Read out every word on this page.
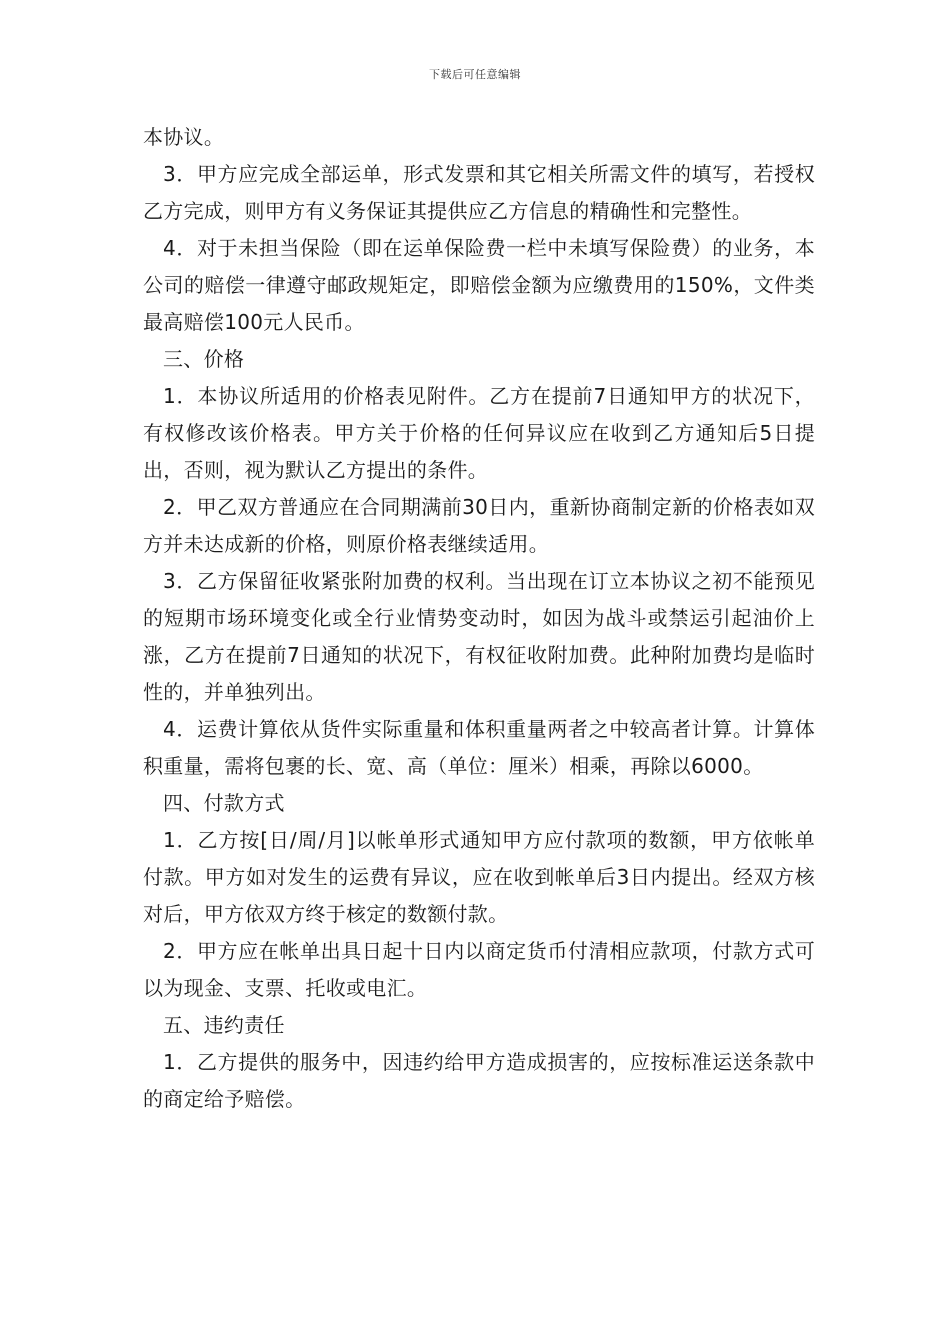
下载后可任意编辑

本协议。

3．甲方应完成全部运单，形式发票和其它相关所需文件的填写，若授权乙方完成，则甲方有义务保证其提供应乙方信息的精确性和完整性。

4．对于未担当保险（即在运单保险费一栏中未填写保险费）的业务，本公司的赔偿一律遵守邮政规矩定，即赔偿金额为应缴费用的150%，文件类最高赔偿100元人民币。

三、价格

1．本协议所适用的价格表见附件。乙方在提前7日通知甲方的状况下，有权修改该价格表。甲方关于价格的任何异议应在收到乙方通知后5日提出，否则，视为默认乙方提出的条件。

2．甲乙双方普通应在合同期满前30日内，重新协商制定新的价格表如双方并未达成新的价格，则原价格表继续适用。

3．乙方保留征收紧张附加费的权利。当出现在订立本协议之初不能预见的短期市场环境变化或全行业情势变动时，如因为战斗或禁运引起油价上涨，乙方在提前7日通知的状况下，有权征收附加费。此种附加费均是临时性的，并单独列出。

4．运费计算依从货件实际重量和体积重量两者之中较高者计算。计算体积重量，需将包裹的长、宽、高（单位：厘米）相乘，再除以6000。

四、付款方式

1．乙方按[日/周/月]以帐单形式通知甲方应付款项的数额，甲方依帐单付款。甲方如对发生的运费有异议，应在收到帐单后3日内提出。经双方核对后，甲方依双方终于核定的数额付款。

2．甲方应在帐单出具日起十日内以商定货币付清相应款项，付款方式可以为现金、支票、托收或电汇。

五、违约责任

1．乙方提供的服务中，因违约给甲方造成损害的，应按标准运送条款中的商定给予赔偿。
